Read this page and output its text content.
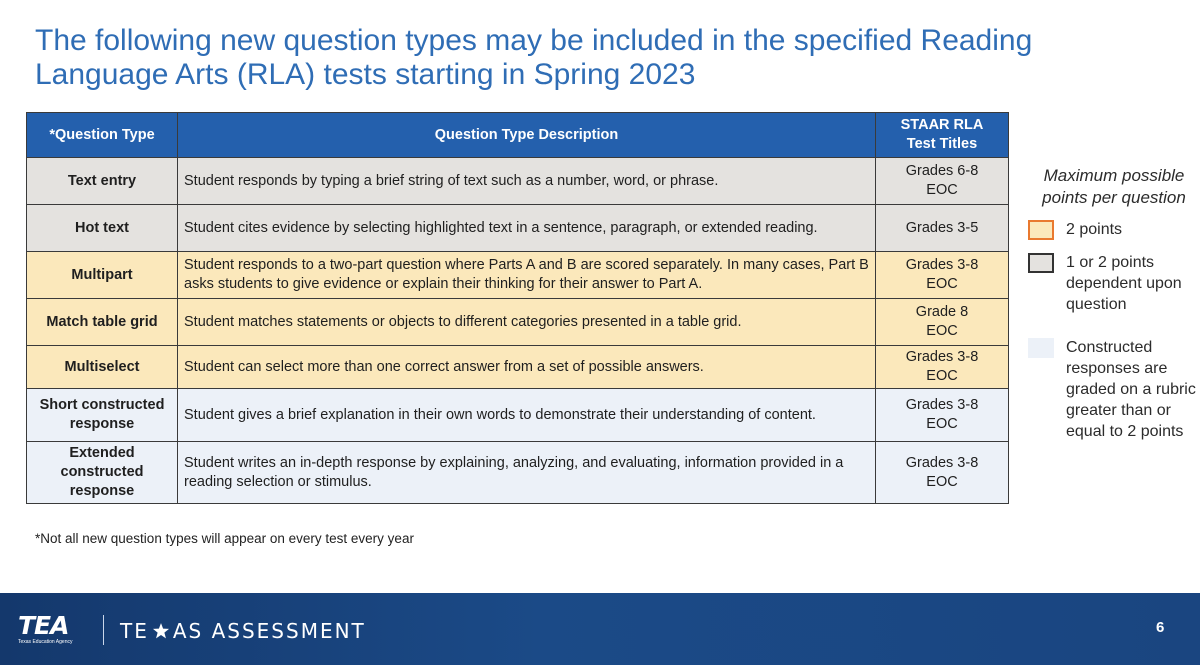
The following new question types may be included in the specified Reading Language Arts (RLA) tests starting in Spring 2023
*Question Type	Question Type Description	STAAR RLA
Test Titles

Text entry	Student responds by typing a brief string of text such as a number, word, or phrase.	Grades 6-8
EOC

Hot text	Student cites evidence by selecting highlighted text in a sentence, paragraph, or extended reading.	Grades 3-5

Multipart	Student responds to a two-part question where Parts A and B are scored separately. In many cases, Part B asks students to give evidence or explain their thinking for their answer to Part A.	Grades 3-8
EOC

Match table grid	Student matches statements or objects to different categories presented in a table grid.	Grade 8
EOC

Multiselect	Student can select more than one correct answer from a set of possible answers.	Grades 3-8
EOC

Short constructed response	Student gives a brief explanation in their own words to demonstrate their understanding of content.	Grades 3-8
EOC

Extended constructed response	Student writes an in-depth response by explaining, analyzing, and evaluating, information provided in a reading selection or stimulus.	Grades 3-8
EOC
Maximum possible points per question
2 points
1 or 2 points dependent upon question
Constructed responses are graded on a rubric greater than or equal to 2 points
*Not all new question types will appear on every test every year
TEA
Texas Education Agency	TE AS ASSESSMENT	6
